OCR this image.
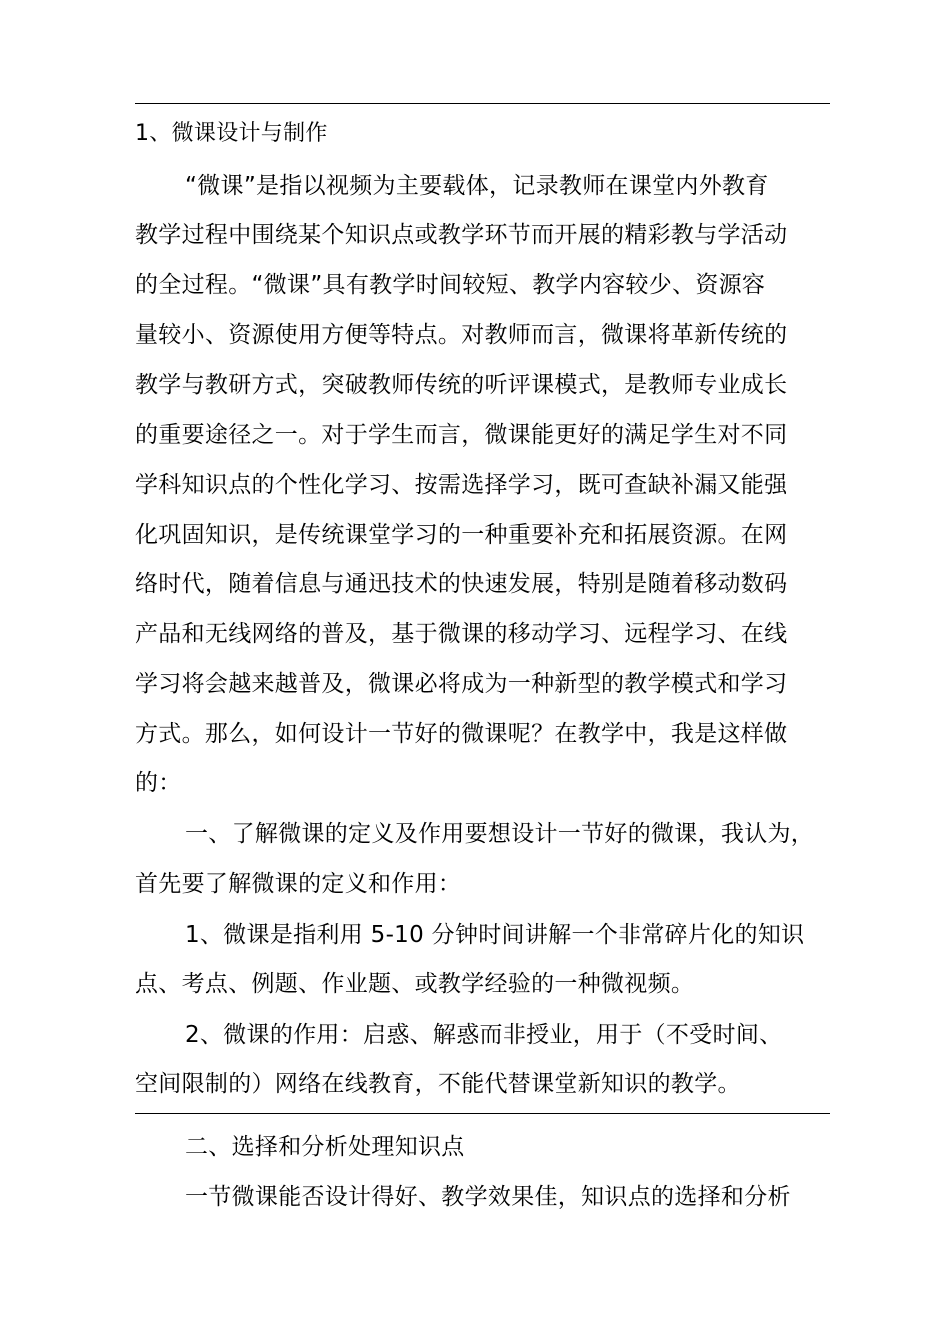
1、微课设计与制作
“微课”是指以视频为主要载体，记录教师在课堂内外教育
教学过程中围绕某个知识点或教学环节而开展的精彩教与学活动
的全过程。“微课”具有教学时间较短、教学内容较少、资源容
量较小、资源使用方便等特点。对教师而言，微课将革新传统的
教学与教研方式，突破教师传统的听评课模式，是教师专业成长
的重要途径之一。对于学生而言，微课能更好的满足学生对不同
学科知识点的个性化学习、按需选择学习，既可查缺补漏又能强
化巩固知识，是传统课堂学习的一种重要补充和拓展资源。在网
络时代，随着信息与通迅技术的快速发展，特别是随着移动数码
产品和无线网络的普及，基于微课的移动学习、远程学习、在线
学习将会越来越普及，微课必将成为一种新型的教学模式和学习
方式。那么，如何设计一节好的微课呢？在教学中，我是这样做
的：
一、了解微课的定义及作用要想设计一节好的微课，我认为，
首先要了解微课的定义和作用：
1、微课是指利用 5-10 分钟时间讲解一个非常碎片化的知识
点、考点、例题、作业题、或教学经验的一种微视频。
2、微课的作用：启惑、解惑而非授业，用于（不受时间、
空间限制的）网络在线教育，不能代替课堂新知识的教学。
二、选择和分析处理知识点
一节微课能否设计得好、教学效果佳，知识点的选择和分析
